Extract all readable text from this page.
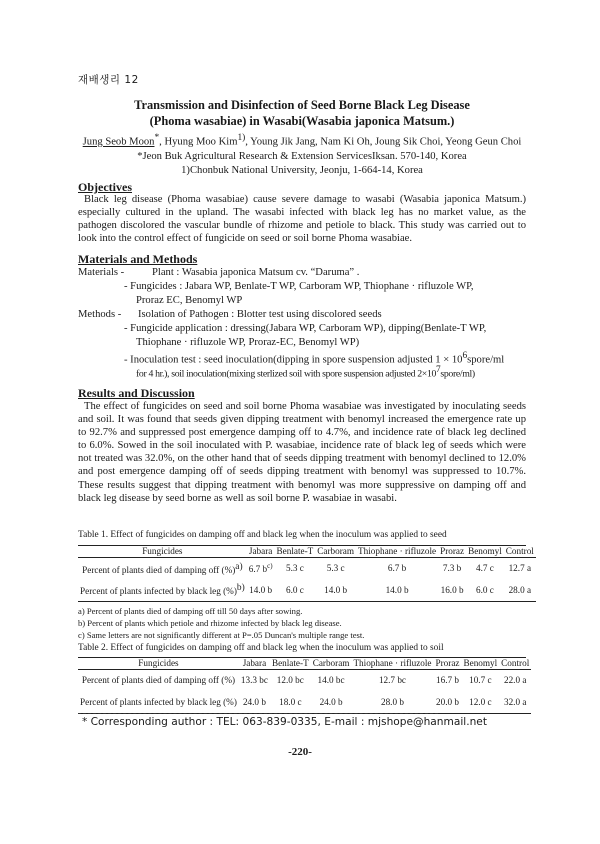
재배생리 12
Transmission and Disinfection of Seed Borne Black Leg Disease
(Phoma wasabiae) in Wasabi(Wasabia japonica Matsum.)
Jung Seob Moon*, Hyung Moo Kim$^{1)}$, Young Jik Jang, Nam Ki Oh, Joung Sik Choi, Yeong Geun Choi
*Jeon Buk Agricultural Research & Extension ServicesIksan. 570-140, Korea
1)Chonbuk National University, Jeonju, 1-664-14, Korea
Objectives
Black leg disease (Phoma wasabiae) cause severe damage to wasabi (Wasabia japonica Matsum.) especially cultured in the upland. The wasabi infected with black leg has no market value, as the pathogen discolored the vascular bundle of rhizome and petiole to black. This study was carried out to look into the control effect of fungicide on seed or soil borne Phoma wasabiae.
Materials and Methods
Materials -	Plant : Wasabia japonica Matsum cv. “Daruma” .
- Fungicides : Jabara WP, Benlate-T WP, Carboram WP, Thiophane · rifluzole WP,
Proraz EC, Benomyl WP
Methods - Isolation of Pathogen : Blotter test using discolored seeds
- Fungicide application : dressing(Jabara WP, Carboram WP), dipping(Benlate-T WP,
Thiophane · rifluzole WP, Proraz-EC, Benomyl WP)
- Inoculation test : seed inoculation(dipping in spore suspension adjusted $1 \times 10^6spore/ml$
for 4 hr.), soil inoculation(mixing sterlized soil with spore suspension adjusted $2\times 10^7spore/ml$)
Results and Discussion
The effect of fungicides on seed and soil borne Phoma wasabiae was investigated by inoculating seeds and soil. It was found that seeds given dipping treatment with benomyl increased the emergence rate up to 92.7% and suppressed post emergence damping off to 4.7%, and incidence rate of black leg declined to 6.0%. Sowed in the soil inoculated with P. wasabiae, incidence rate of black leg of seeds which were not treated was 32.0%, on the other hand that of seeds dipping treatment with benomyl declined to 12.0% and post emergence damping off of seeds dipping treatment with benomyl was suppressed to 10.7%. These results suggest that dipping treatment with benomyl was more suppressive on damping off and black leg disease by seed borne as well as soil borne P. wasabiae in wasabi.
Table 1. Effect of fungicides on damping off and black leg when the inoculum was applied to seed
Fungicides	Jabara	Benlate-T	Carboram	Thiophane · rifluzole	Proraz	Benomyl	Control
Percent of plants died of damping off (%)$^{a)}$	6.7 $b^{c)}$	5.3 c	5.3 c	6.7 b	7.3 b	4.7 c	12.7 a
Percent of plants infected by black leg (%)$^{b)}$	14.0 b	6.0 c	14.0 b	14.0 b	16.0 b	6.0 c	28.0 a
a) Percent of plants died of damping off till 50 days after sowing.
b) Percent of plants which petiole and rhizome infected by black leg disease.
c) Same letters are not significantly different at P=.05 Duncan's multiple range test.
Table 2. Effect of fungicides on damping off and black leg when the inoculum was applied to soil
Fungicides	Jabara	Benlate-T	Carboram	Thiophane · rifluzole	Proraz	Benomyl	Control
Percent of plants died of damping off (%)	13.3 bc	12.0 bc	14.0 bc	12.7 bc	16.7 b	10.7 c	22.0 a
Percent of plants infected by black leg (%)	24.0 b	18.0 c	24.0 b	28.0 b	20.0 b	12.0 c	32.0 a
* Corresponding author : TEL: 063-839-0335, E-mail : mjshope@hanmail.net
-220-
